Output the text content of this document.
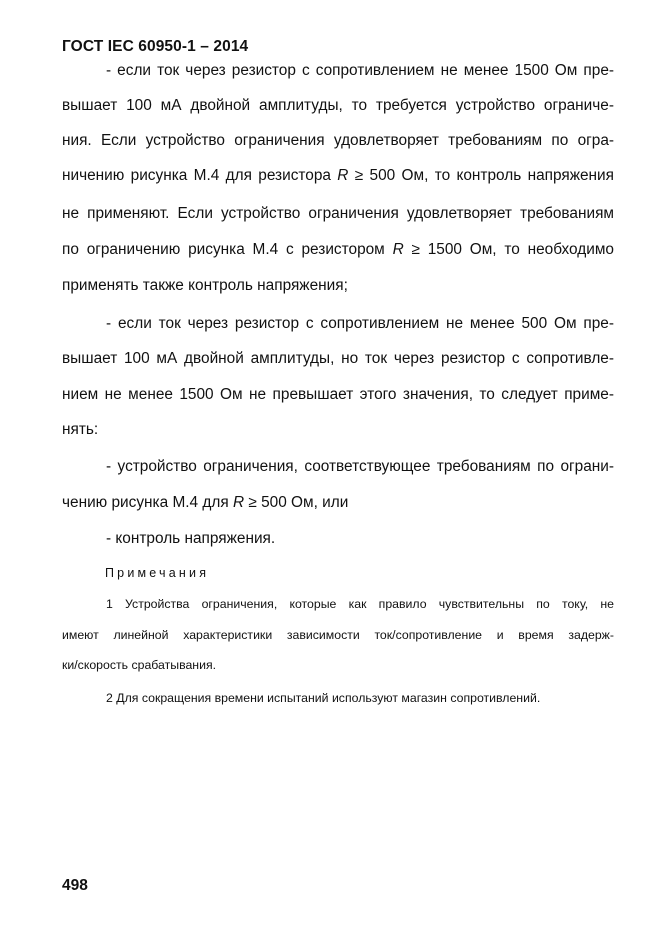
ГОСТ IEC 60950-1 – 2014
- если ток через резистор с сопротивлением не менее 1500 Ом пре-
вышает 100 мА двойной амплитуды, то требуется устройство ограниче-
ния. Если устройство ограничения удовлетворяет требованиям по огра-
ничению рисунка М.4 для резистора R ≥ 500 Ом, то контроль напряжения
не применяют. Если устройство ограничения удовлетворяет требованиям
по ограничению рисунка М.4 с резистором R ≥ 1500 Ом, то необходимо
применять также контроль напряжения;
- если ток через резистор с сопротивлением не менее 500 Ом пре-
вышает 100 мА двойной амплитуды, но ток через резистор с сопротивле-
нием не менее 1500 Ом не превышает этого значения, то следует приме-
нять:
- устройство ограничения, соответствующее требованиям по ограни-
чению рисунка М.4 для R ≥ 500 Ом, или
- контроль напряжения.
Примечания
1 Устройства ограничения, которые как правило чувствительны по току, не
имеют линейной характеристики зависимости ток/сопротивление и время задерж-
ки/скорость срабатывания.
2 Для сокращения времени испытаний используют магазин сопротивлений.
498
